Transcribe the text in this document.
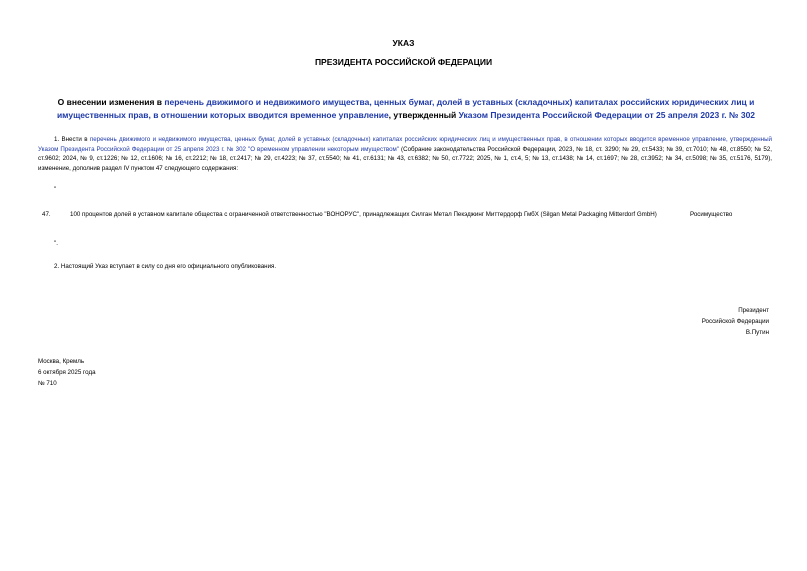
УКАЗ
ПРЕЗИДЕНТА РОССИЙСКОЙ ФЕДЕРАЦИИ
О внесении изменения в перечень движимого и недвижимого имущества, ценных бумаг, долей в уставных (складочных) капиталах российских юридических лиц и имущественных прав, в отношении которых вводится временное управление, утвержденный Указом Президента Российской Федерации от 25 апреля 2023 г. № 302
1. Внести в перечень движимого и недвижимого имущества, ценных бумаг, долей в уставных (складочных) капиталах российских юридических лиц и имущественных прав, в отношении которых вводится временное управление, утвержденный Указом Президента Российской Федерации от 25 апреля 2023 г. № 302 "О временном управлении некоторым имуществом" (Собрание законодательства Российской Федерации, 2023, № 18, ст. 3290; № 29, ст.5433; № 39, ст.7010; № 48, ст.8550; № 52, ст.9602; 2024, № 9, ст.1226; № 12, ст.1606; № 16, ст.2212; № 18, ст.2417; № 29, ст.4223; № 37, ст.5540; № 41, ст.6131; № 43, ст.6382; № 50, ст.7722; 2025, № 1, ст.4, 5; № 13, ст.1438; № 14, ст.1697; № 28, ст.3952; № 34, ст.5098; № 35, ст.5176, 5179), изменение, дополнив раздел IV пунктом 47 следующего содержания:
"
47.	100 процентов долей в уставном капитале общества с ограниченной ответственностью "ВОНОРУС", принадлежащих Силган Метал Пекэджинг Миттердорф ГмбХ (Silgan Metal Packaging Mitterdorf GmbH)	Росимущество
".
2. Настоящий Указ вступает в силу со дня его официального опубликования.
Президент
Российской Федерации
В.Путин
Москва, Кремль
6 октября 2025 года
№ 710
